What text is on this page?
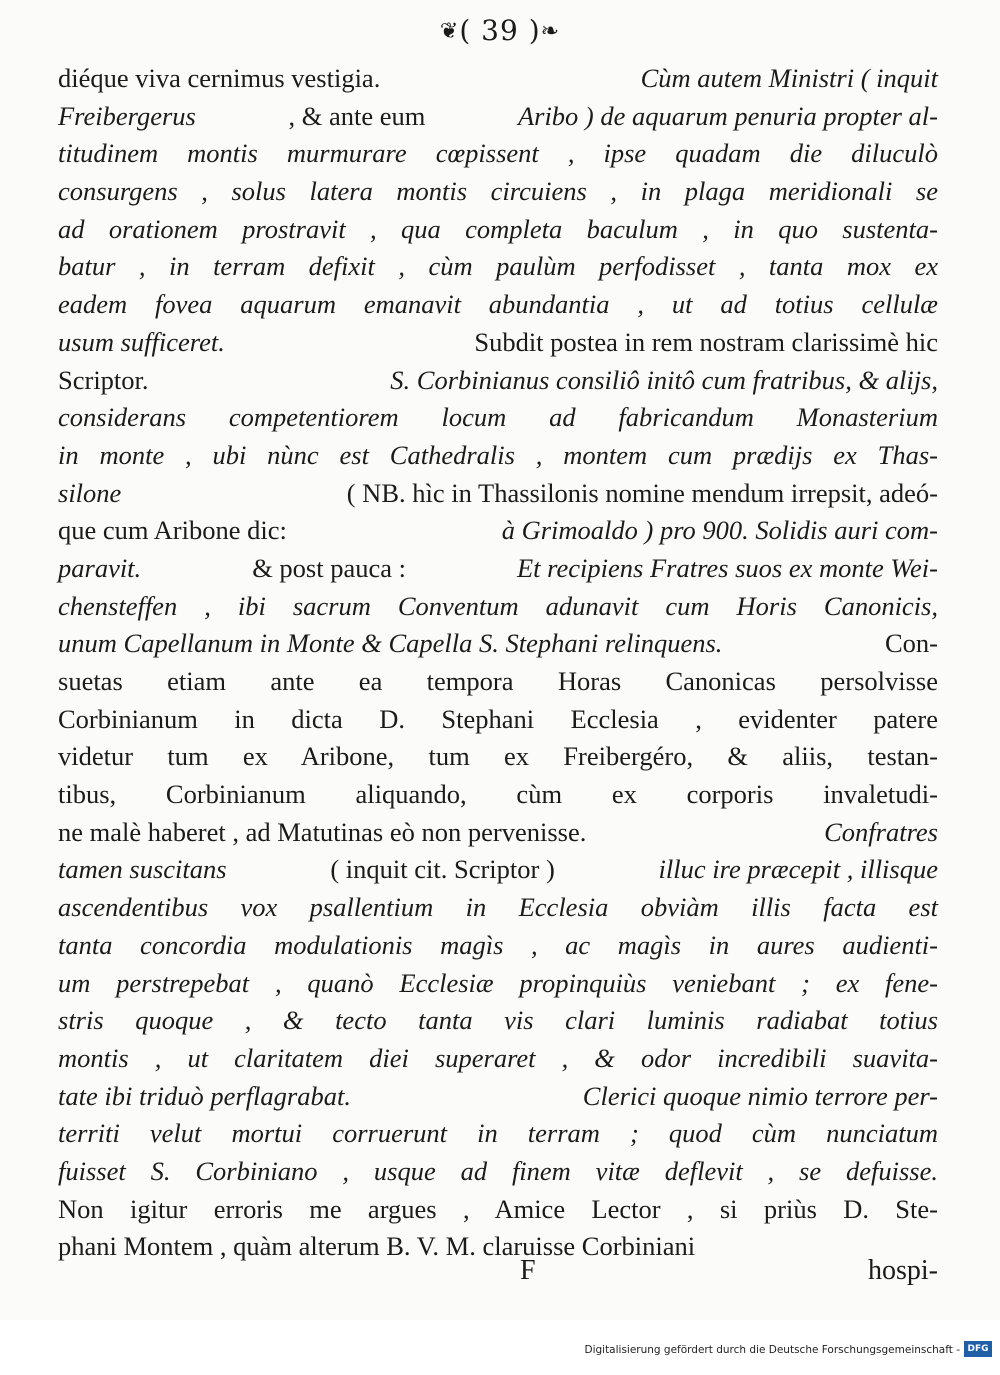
❦( 39 )❧
diéque viva cernimus vestigia.	Cùm autem Ministri ( inquit
Freibergerus	, & ante eum	Aribo ) de aquarum penuria propter al-
titudinem montis murmurare cœpissent , ipse quadam die diluculò
consurgens , solus latera montis circuiens , in plaga meridionali se
ad orationem prostravit , qua completa baculum , in quo sustenta-
batur , in terram defixit , cùm paulùm perfodisset , tanta mox ex
eadem fovea aquarum emanavit abundantia , ut ad totius cellulæ
usum sufficeret.	Subdit postea in rem nostram clarissimè hic
Scriptor.	S. Corbinianus consiliô initô cum fratribus, & alijs,
considerans competentiorem locum ad fabricandum Monasterium
in monte , ubi nùnc est Cathedralis , montem cum prædijs ex Thas-
silone	( NB. hìc in Thassilonis nomine mendum irrepsit, adeó-
que cum Aribone dic:	à Grimoaldo ) pro 900. Solidis auri com-
paravit.	& post pauca :	Et recipiens Fratres suos ex monte Wei-
chensteffen , ibi sacrum Conventum adunavit cum Horis Canonicis,
unum Capellanum in Monte & Capella S. Stephani relinquens.	Con-
suetas etiam ante ea tempora Horas Canonicas persolvisse
Corbinianum in dicta D. Stephani Ecclesia , evidenter patere
videtur tum ex Aribone, tum ex Freibergéro, & aliis, testan-
tibus, Corbinianum aliquando, cùm ex corporis invaletudi-
ne malè haberet , ad Matutinas eò non pervenisse.	Confratres
tamen suscitans	( inquit cit. Scriptor )	illuc ire præcepit , illisque
ascendentibus vox psallentium in Ecclesia obviàm illis facta est
tanta concordia modulationis magìs , ac magìs in aures audienti-
um perstrepebat , quanò Ecclesiæ propinquiùs veniebant ; ex fene-
stris quoque , & tecto tanta vis clari luminis radiabat totius
montis , ut claritatem diei superaret , & odor incredibili suavita-
tate ibi triduò perflagrabat.	Clerici quoque nimio terrore per-
territi velut mortui corruerunt in terram ; quod cùm nunciatum
fuisset S. Corbiniano , usque ad finem vitæ deflevit , se defuisse.
Non igitur erroris me argues , Amice Lector , si priùs D. Ste-
phani Montem , quàm alterum B. V. M. claruisse Corbiniani
F	hospi-
Digitalisierung gefördert durch die Deutsche Forschungsgemeinschaft - DFG
